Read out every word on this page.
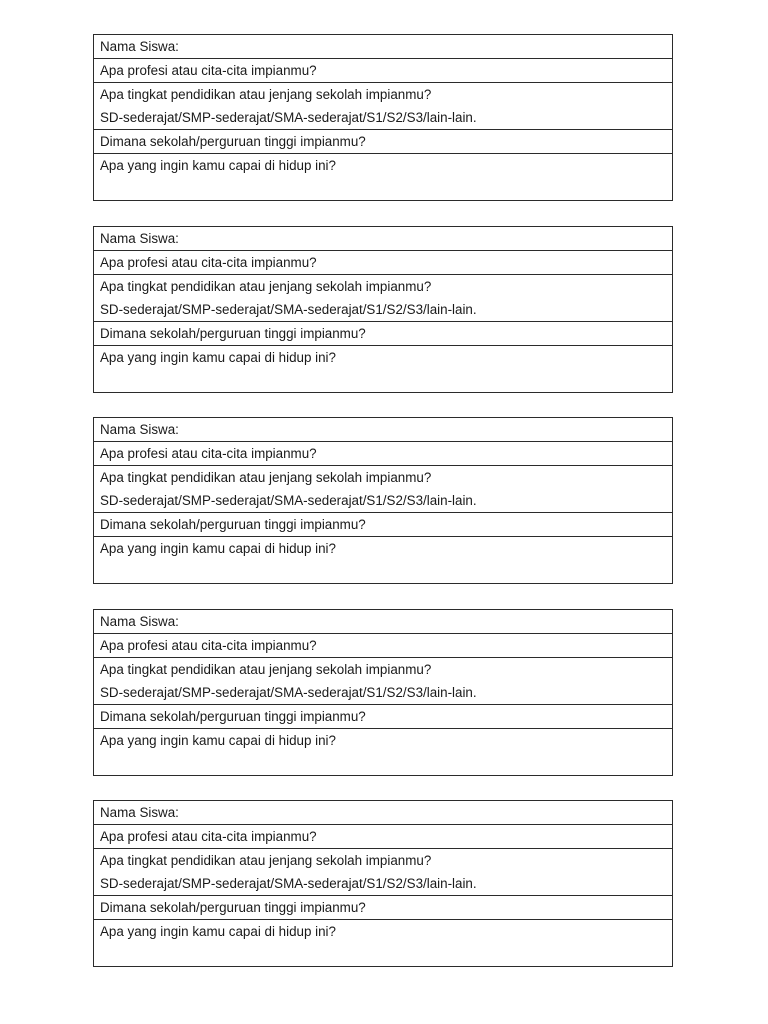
Nama Siswa:
Apa profesi atau cita-cita impianmu?
Apa tingkat pendidikan atau jenjang sekolah impianmu?
SD-sederajat/SMP-sederajat/SMA-sederajat/S1/S2/S3/lain-lain.
Dimana sekolah/perguruan tinggi impianmu?
Apa yang ingin kamu capai di hidup ini?
Nama Siswa:
Apa profesi atau cita-cita impianmu?
Apa tingkat pendidikan atau jenjang sekolah impianmu?
SD-sederajat/SMP-sederajat/SMA-sederajat/S1/S2/S3/lain-lain.
Dimana sekolah/perguruan tinggi impianmu?
Apa yang ingin kamu capai di hidup ini?
Nama Siswa:
Apa profesi atau cita-cita impianmu?
Apa tingkat pendidikan atau jenjang sekolah impianmu?
SD-sederajat/SMP-sederajat/SMA-sederajat/S1/S2/S3/lain-lain.
Dimana sekolah/perguruan tinggi impianmu?
Apa yang ingin kamu capai di hidup ini?
Nama Siswa:
Apa profesi atau cita-cita impianmu?
Apa tingkat pendidikan atau jenjang sekolah impianmu?
SD-sederajat/SMP-sederajat/SMA-sederajat/S1/S2/S3/lain-lain.
Dimana sekolah/perguruan tinggi impianmu?
Apa yang ingin kamu capai di hidup ini?
Nama Siswa:
Apa profesi atau cita-cita impianmu?
Apa tingkat pendidikan atau jenjang sekolah impianmu?
SD-sederajat/SMP-sederajat/SMA-sederajat/S1/S2/S3/lain-lain.
Dimana sekolah/perguruan tinggi impianmu?
Apa yang ingin kamu capai di hidup ini?
